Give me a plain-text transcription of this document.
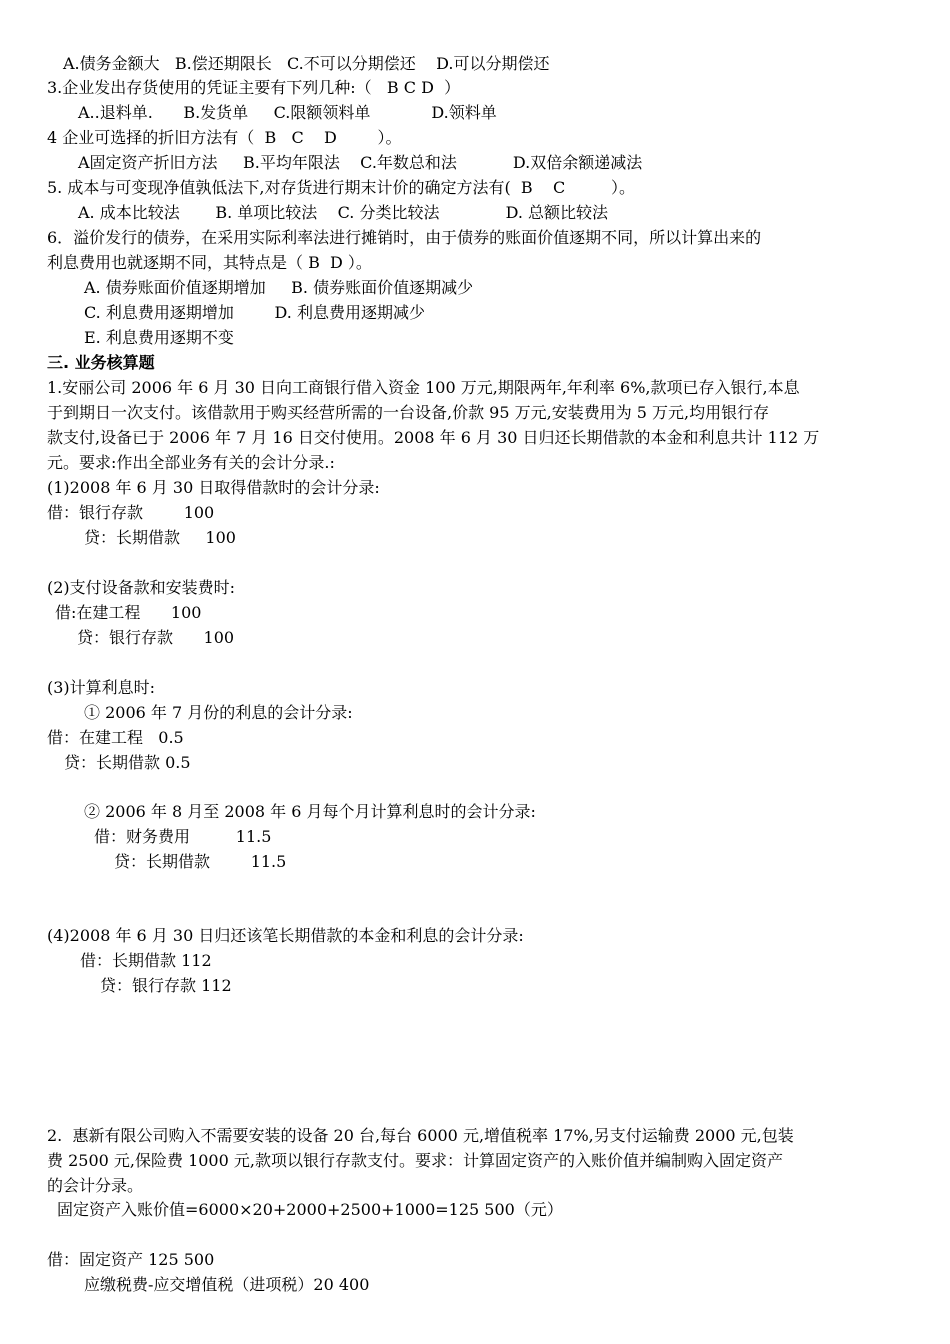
A.债务金额大   B.偿还期限长   C.不可以分期偿还    D.可以分期偿还
3.企业发出存货使用的凭证主要有下列几种:（   B C D  ）
A..退料单.      B.发货单     C.限额领料单            D.领料单
4 企业可选择的折旧方法有（  B   C    D        ）。
A固定资产折旧方法     B.平均年限法    C.年数总和法           D.双倍余额递减法
5. 成本与可变现净值孰低法下,对存货进行期末计价的确定方法有(  B    C         ）。
A. 成本比较法       B. 单项比较法    C. 分类比较法             D. 总额比较法
6．溢价发行的债券，在采用实际利率法进行摊销时，由于债券的账面价值逐期不同，所以计算出来的
利息费用也就逐期不同，其特点是（ B  D ）。
A. 债券账面价值逐期增加     B. 债券账面价值逐期减少
C. 利息费用逐期增加        D. 利息费用逐期减少
E. 利息费用逐期不变
三. 业务核算题
1.安丽公司 2006 年 6 月 30 日向工商银行借入资金 100 万元,期限两年,年利率 6%,款项已存入银行,本息
于到期日一次支付。该借款用于购买经营所需的一台设备,价款 95 万元,安装费用为 5 万元,均用银行存
款支付,设备已于 2006 年 7 月 16 日交付使用。2008 年 6 月 30 日归还长期借款的本金和利息共计 112 万
元。要求:作出全部业务有关的会计分录.:
(1)2008 年 6 月 30 日取得借款时的会计分录:
借：银行存款        100
贷：长期借款     100
(2)支付设备款和安装费时:
借:在建工程      100
贷：银行存款      100
(3)计算利息时:
① 2006 年 7 月份的利息的会计分录:
借：在建工程   0.5
贷：长期借款 0.5
② 2006 年 8 月至 2008 年 6 月每个月计算利息时的会计分录:
借：财务费用         11.5
贷：长期借款        11.5
(4)2008 年 6 月 30 日归还该笔长期借款的本金和利息的会计分录:
借：长期借款 112
贷：银行存款 112
2.  惠新有限公司购入不需要安装的设备 20 台,每台 6000 元,增值税率 17%,另支付运输费 2000 元,包装
费 2500 元,保险费 1000 元,款项以银行存款支付。要求：计算固定资产的入账价值并编制购入固定资产
的会计分录。
固定资产入账价值=6000×20+2000+2500+1000=125 500（元）
借：固定资产 125 500
应缴税费-应交增值税（进项税）20 400
